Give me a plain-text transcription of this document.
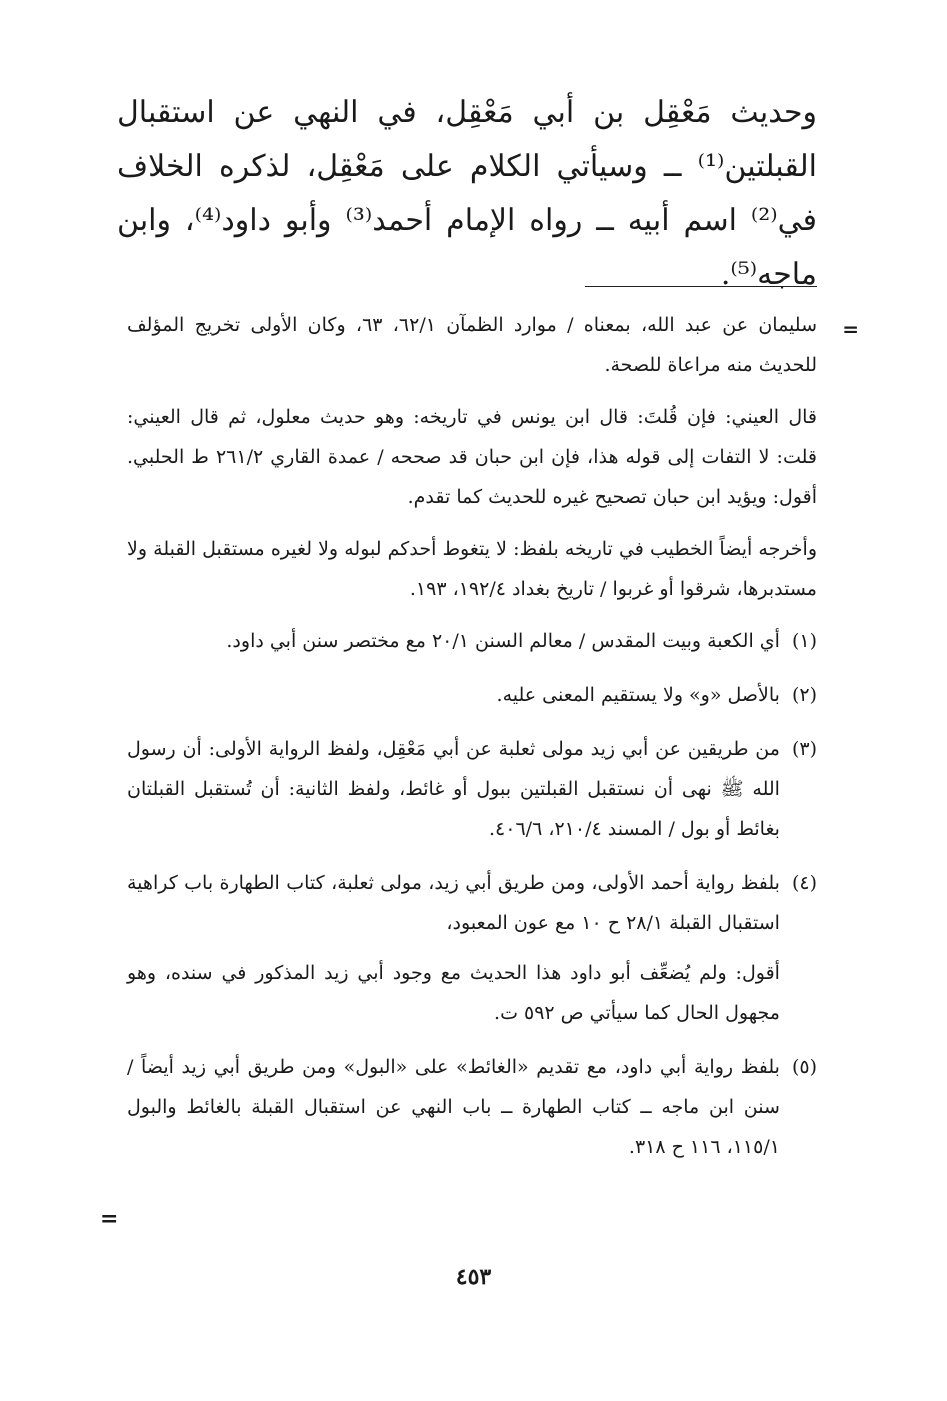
وحديث مَعْقِل بن أبي مَعْقِل، في النهي عن استقبال القبلتين⁽¹⁾ ــ وسيأتي الكلام على مَعْقِل، لذكره الخلاف في⁽²⁾ اسم أبيه ــ رواه الإمام أحمد⁽³⁾ وأبو داود⁽⁴⁾، وابن ماجه⁽⁵⁾.

=

سليمان عن عبد الله، بمعناه / موارد الظمآن ٦٢/١، ٦٣، وكان الأولى تخريج المؤلف للحديث منه مراعاة للصحة.

قال العيني: فإن قُلتَ: قال ابن يونس في تاريخه: وهو حديث معلول، ثم قال العيني: قلت: لا التفات إلى قوله هذا، فإن ابن حبان قد صححه / عمدة القاري ٢٦١/٢ ط الحلبي. أقول: ويؤيد ابن حبان تصحيح غيره للحديث كما تقدم.

وأخرجه أيضاً الخطيب في تاريخه بلفظ: لا يتغوط أحدكم لبوله ولا لغيره مستقبل القبلة ولا مستدبرها، شرقوا أو غربوا / تاريخ بغداد ١٩٢/٤، ١٩٣.

(١)

أي الكعبة وبيت المقدس / معالم السنن ٢٠/١ مع مختصر سنن أبي داود.

(٢)

بالأصل «و» ولا يستقيم المعنى عليه.

(٣)

من طريقين عن أبي زيد مولى ثعلبة عن أبي مَعْقِل، ولفظ الرواية الأولى: أن رسول الله ﷺ نهى أن نستقبل القبلتين ببول أو غائط، ولفظ الثانية: أن تُستقبل القبلتان بغائط أو بول / المسند ٢١٠/٤، ٤٠٦/٦.

(٤)

بلفظ رواية أحمد الأولى، ومن طريق أبي زيد، مولى ثعلبة، كتاب الطهارة باب كراهية استقبال القبلة ٢٨/١ ح ١٠ مع عون المعبود،

أقول: ولم يُضعِّف أبو داود هذا الحديث مع وجود أبي زيد المذكور في سنده، وهو مجهول الحال كما سيأتي ص ٥٩٢ ت.

(٥)

بلفظ رواية أبي داود، مع تقديم «الغائط» على «البول» ومن طريق أبي زيد أيضاً / سنن ابن ماجه ــ كتاب الطهارة ــ باب النهي عن استقبال القبلة بالغائط والبول ١١٥/١، ١١٦ ح ٣١٨.

=
٤٥٣
